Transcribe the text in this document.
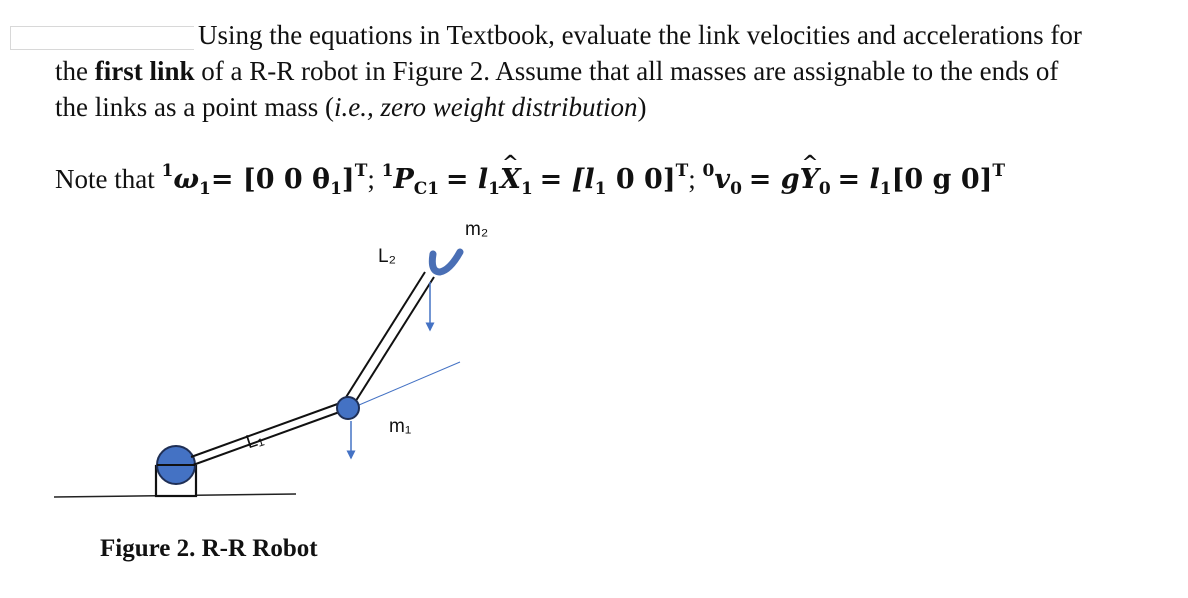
Using the equations in Textbook, evaluate the link velocities and accelerations for
the first link of a R-R robot in Figure 2. Assume that all masses are assignable to the ends of
the links as a point mass (i.e., zero weight distribution)
Note that $^1\omega_1= [0$ 0 $\theta_1]^T$; $^1P_{C1}$ = $l_1\^{}$ $X_1 = [l_1$ 0 0]$^T$; $^0v_0$ = g^ $Y_0 = l_1[0$ g 0]$^T$
L₁
m₂
L₂
m₁
Figure 2. R-R Robot
